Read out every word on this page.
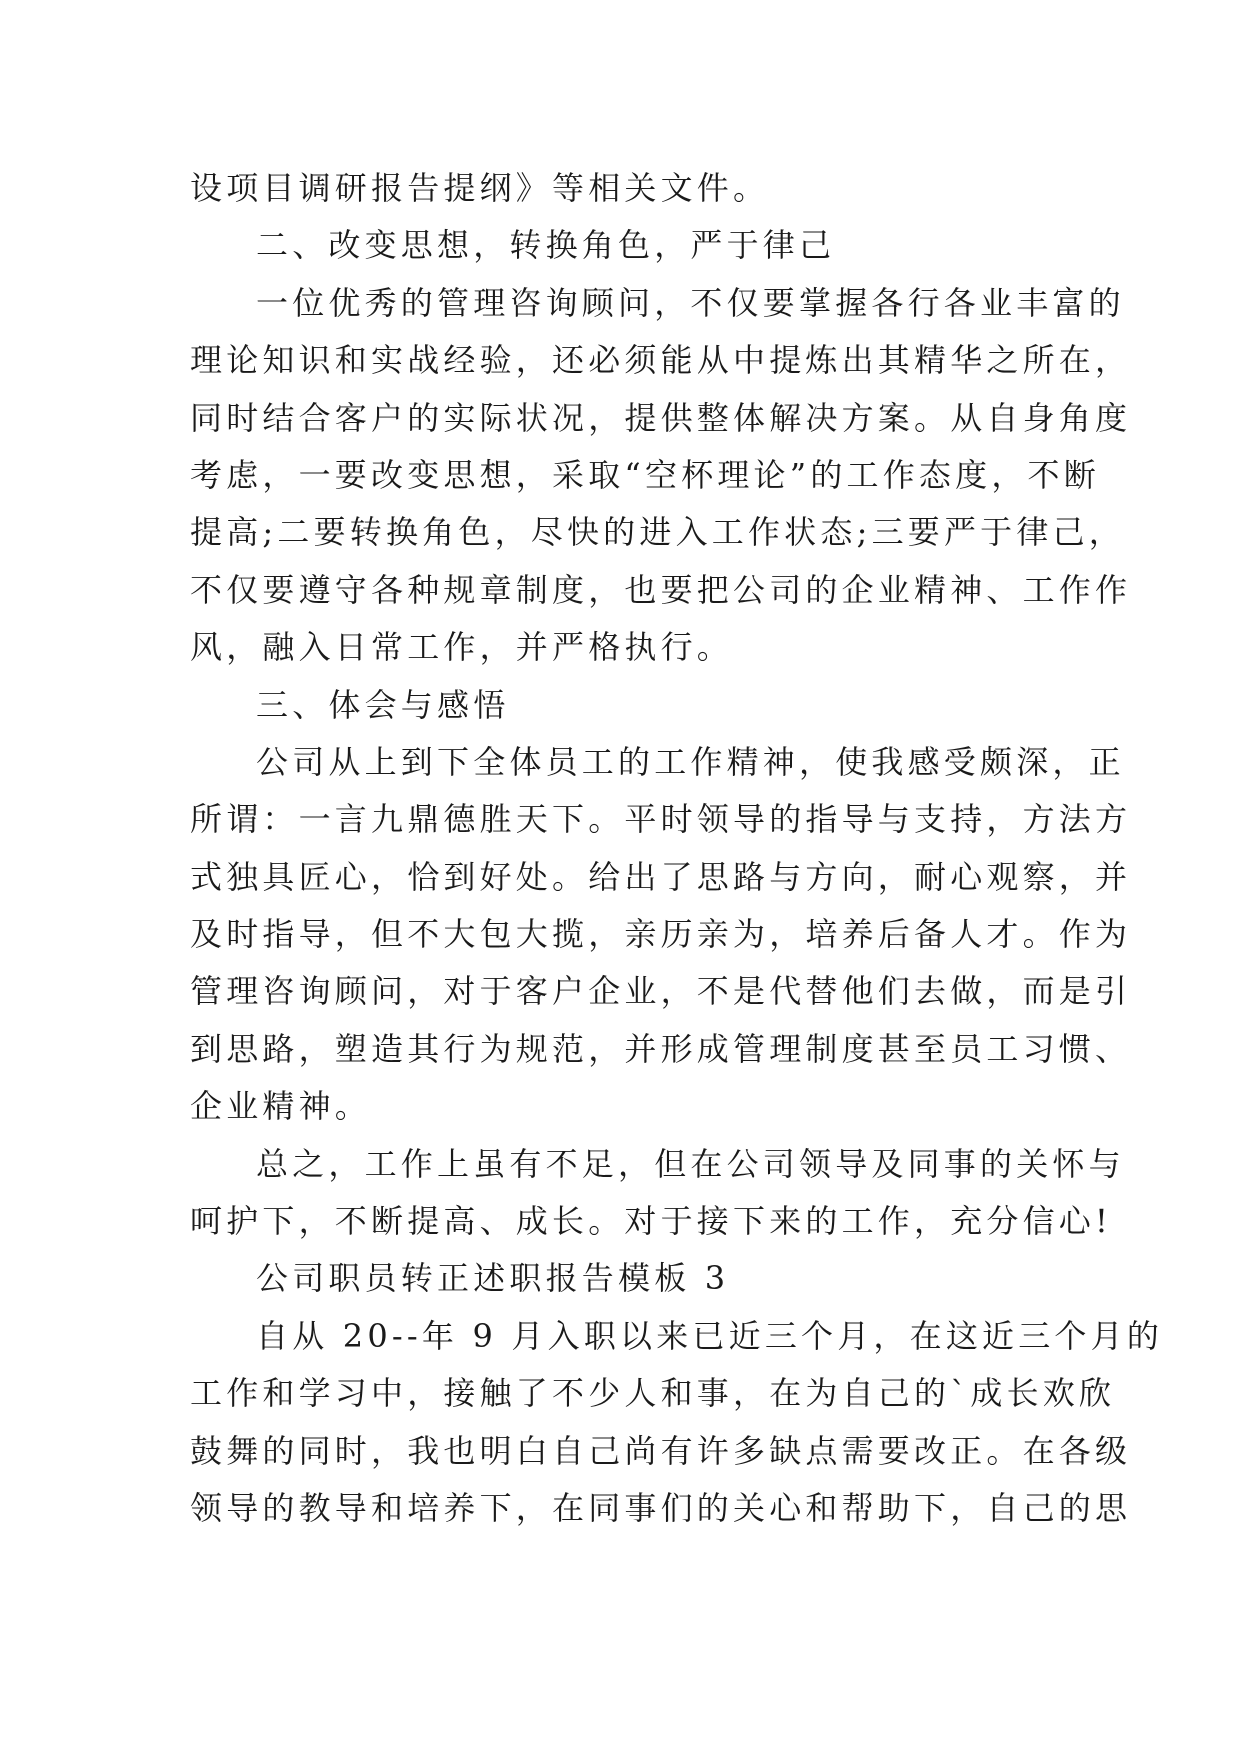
设项目调研报告提纲》等相关文件。
二、改变思想，转换角色，严于律己
一位优秀的管理咨询顾问，不仅要掌握各行各业丰富的
理论知识和实战经验，还必须能从中提炼出其精华之所在，
同时结合客户的实际状况，提供整体解决方案。从自身角度
考虑，一要改变思想，采取“空杯理论”的工作态度，不断
提高;二要转换角色，尽快的进入工作状态;三要严于律己，
不仅要遵守各种规章制度，也要把公司的企业精神、工作作
风，融入日常工作，并严格执行。
三、体会与感悟
公司从上到下全体员工的工作精神，使我感受颇深，正
所谓：一言九鼎德胜天下。平时领导的指导与支持，方法方
式独具匠心，恰到好处。给出了思路与方向，耐心观察，并
及时指导，但不大包大揽，亲历亲为，培养后备人才。作为
管理咨询顾问，对于客户企业，不是代替他们去做，而是引
到思路，塑造其行为规范，并形成管理制度甚至员工习惯、
企业精神。
总之，工作上虽有不足，但在公司领导及同事的关怀与
呵护下，不断提高、成长。对于接下来的工作，充分信心!
公司职员转正述职报告模板 3
自从 20--年 9 月入职以来已近三个月，在这近三个月的
工作和学习中，接触了不少人和事，在为自己的`成长欢欣
鼓舞的同时，我也明白自己尚有许多缺点需要改正。在各级
领导的教导和培养下，在同事们的关心和帮助下，自己的思
